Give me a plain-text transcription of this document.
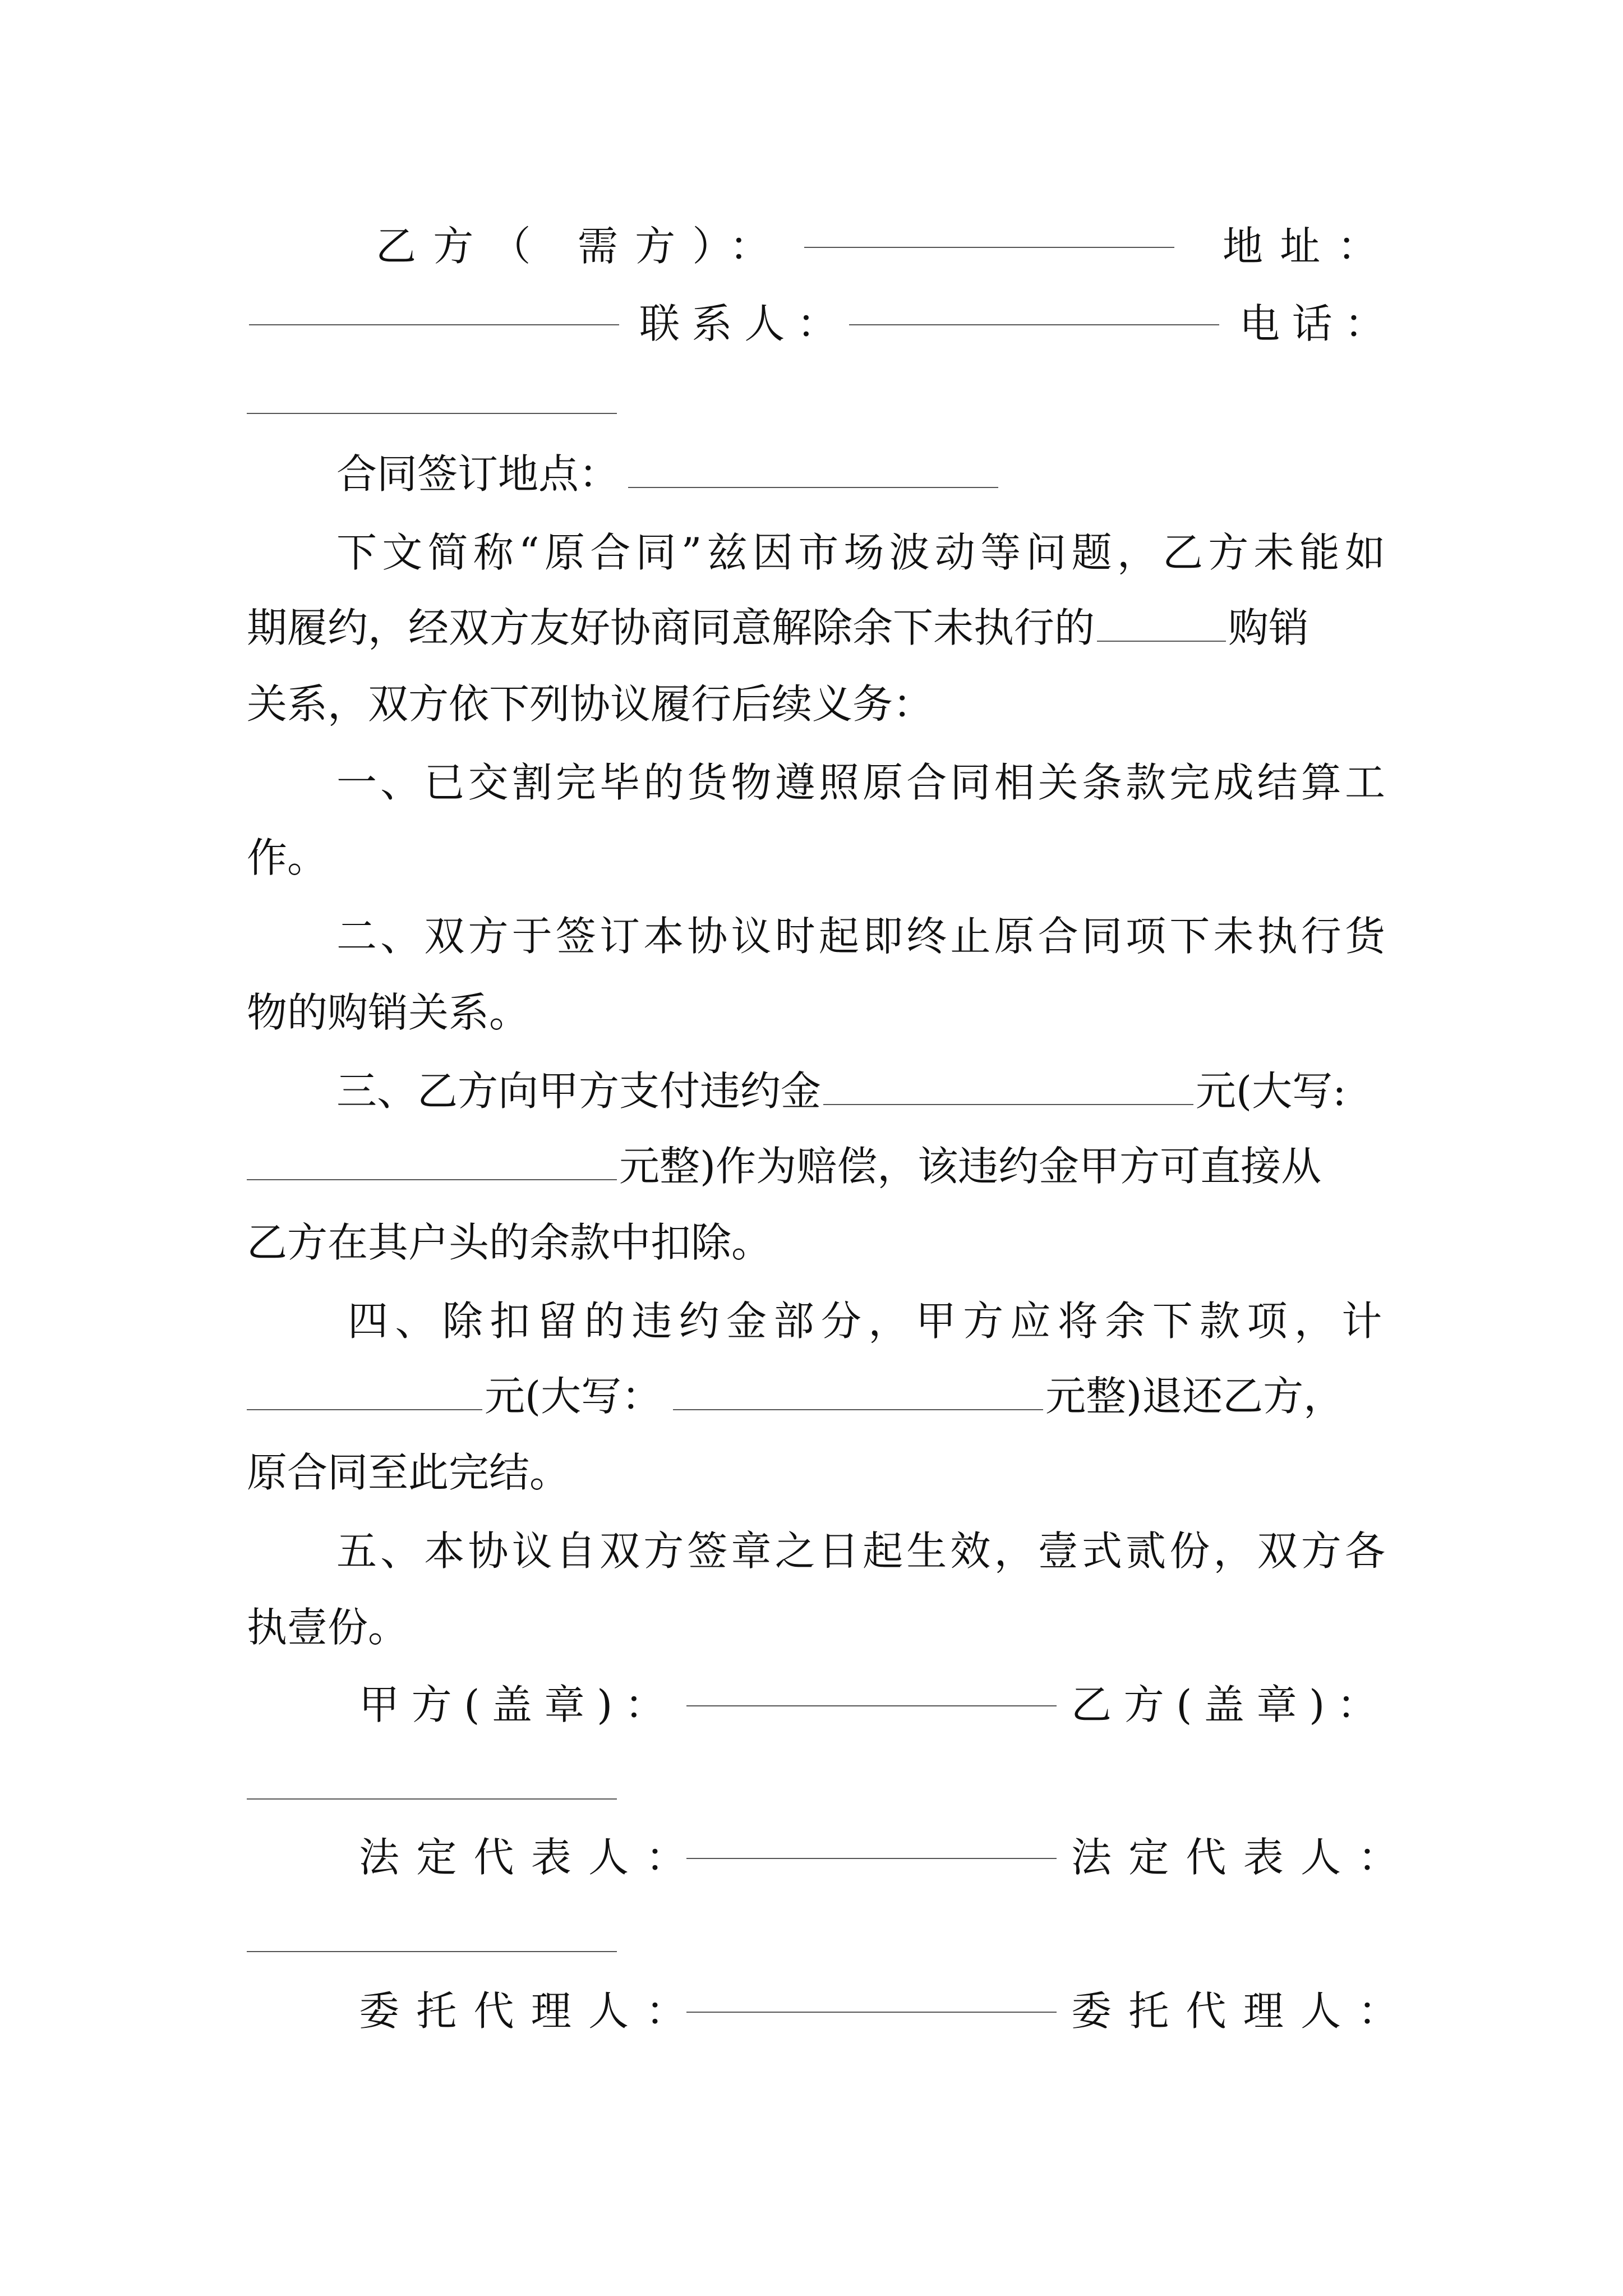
乙方（ 需方）：	地址：
联系人：	电话：
合同签订地点：
下文简称“原合同”兹因市场波动等问题，乙方未能如
期履约，经双方友好协商同意解除余下未执行的	购销
关系，双方依下列协议履行后续义务：
一、已交割完毕的货物遵照原合同相关条款完成结算工
作。
二、双方于签订本协议时起即终止原合同项下未执行货
物的购销关系。
三、乙方向甲方支付违约金	元(大写:
元整)作为赔偿，该违约金甲方可直接从
乙方在其户头的余款中扣除。
四、除扣留的违约金部分，甲方应将余下款项，计
元(大写：	元整)退还乙方，
原合同至此完结。
五、本协议自双方签章之日起生效，壹式贰份，双方各
执壹份。
甲方(盖章)：	乙方(盖章)：
法定代表人：	法定代表人：
委托代理人：	委托代理人：
